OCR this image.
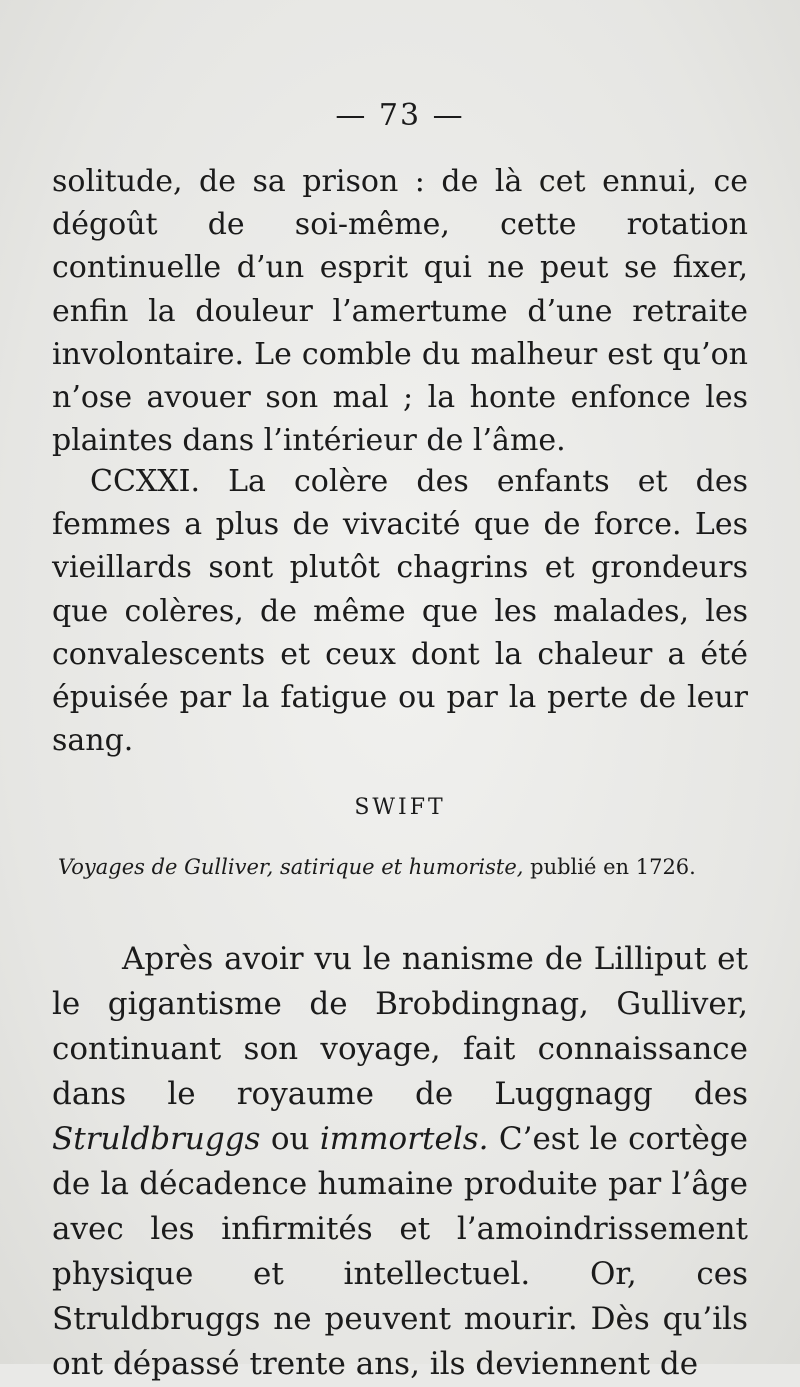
— 73 —

solitude, de sa prison : de là cet ennui, ce dégoût de soi-même, cette rotation continuelle d’un esprit qui ne peut se fixer, enfin la douleur l’amertume d’une retraite involontaire. Le comble du malheur est qu’on n’ose avouer son mal ; la honte enfonce les plaintes dans l’intérieur de l’âme.

CCXXI. La colère des enfants et des femmes a plus de vivacité que de force. Les vieillards sont plutôt chagrins et grondeurs que colères, de même que les malades, les convalescents et ceux dont la chaleur a été épuisée par la fatigue ou par la perte de leur sang.

SWIFT
Voyages de Gulliver, satirique et humoriste, publié en 1726.

Après avoir vu le nanisme de Lilliput et le gigantisme de Brobdingnag, Gulliver, continuant son voyage, fait connaissance dans le royaume de Luggnagg des Struldbruggs ou immortels. C’est le cortège de la décadence humaine produite par l’âge avec les infirmités et l’amoindrissement physique et intellectuel. Or, ces Struldbruggs ne peuvent mourir. Dès qu’ils ont dépassé trente ans, ils deviennent de
